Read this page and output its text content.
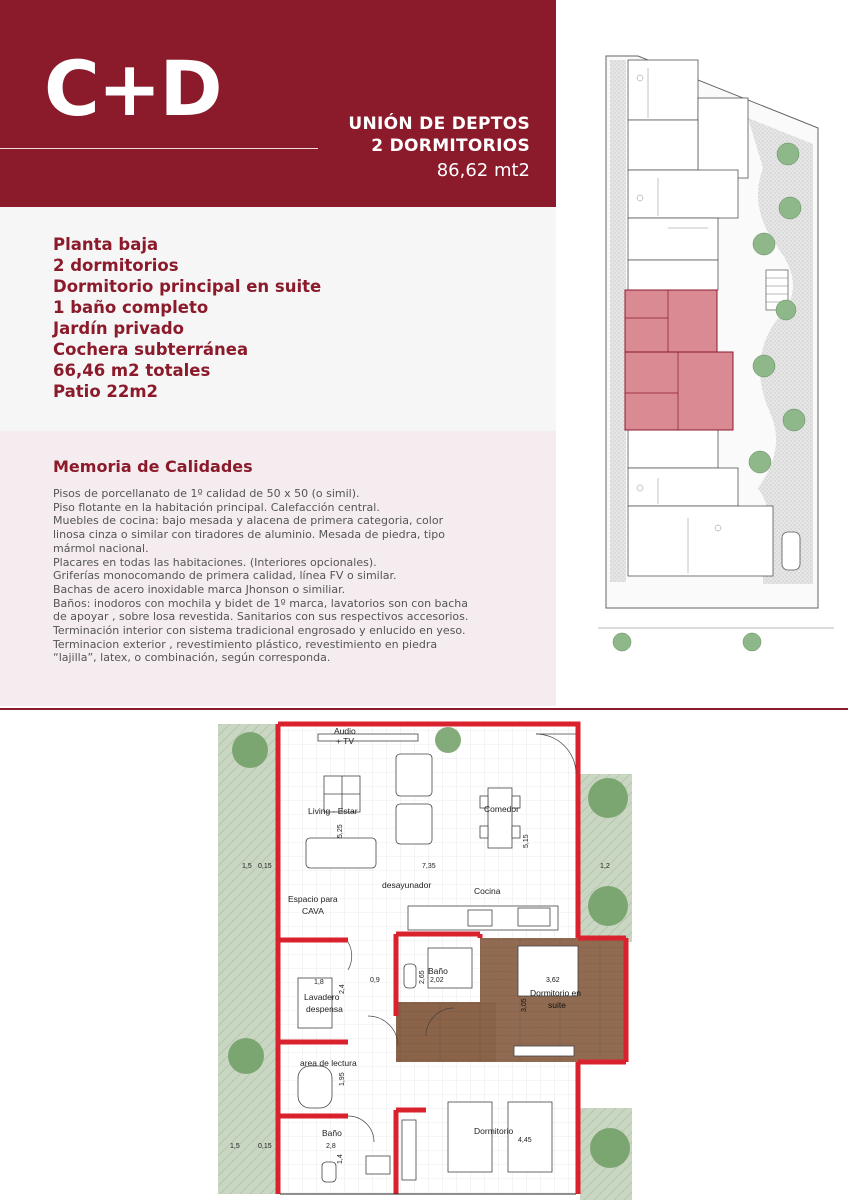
C+D	UNIÓN DE DEPTOS
2 DORMITORIOS
86,62 mt2
Planta baja
2 dormitorios
Dormitorio principal en suite
1 baño completo
Jardín privado
Cochera subterránea
66,46 m2 totales
Patio 22m2
Memoria de Calidades

Pisos de porcellanato de 1º calidad de 50 x 50 (o simil).

Piso flotante en la habitación principal. Calefacción central.

Muebles de cocina: bajo mesada y alacena de primera categoria, color

linosa cinza o similar con tiradores de aluminio. Mesada de piedra, tipo

mármol nacional.

Placares en todas las habitaciones. (Interiores opcionales).

Griferías monocomando de primera calidad, línea FV o similar.

Bachas de acero inoxidable marca Jhonson o similiar.

Baños: inodoros con mochila y bidet de 1º marca, lavatorios son con bacha

de apoyar , sobre losa revestida. Sanitarios con sus respectivos accesorios.

Terminación interior con sistema tradicional engrosado y enlucido en yeso.

Terminacion exterior , revestimiento plástico, revestimiento en piedra

“lajilla”, latex, o combinación, según corresponda.

Audio
+ TV
Living - Estar	Comedor
Espacio para
CAVA
desayunador
Cocina
Baño
Dormitorio en
suite
Lavadero
despensa
area de lectura
Baño	Dormitorio
5,25
5,15
1,5 0,15	7,35	1,2
1,8
2,4
0,9	2,02
2,65	3,62
3,05
1,95
4,45
1,5	0,15	2,8
1,4
